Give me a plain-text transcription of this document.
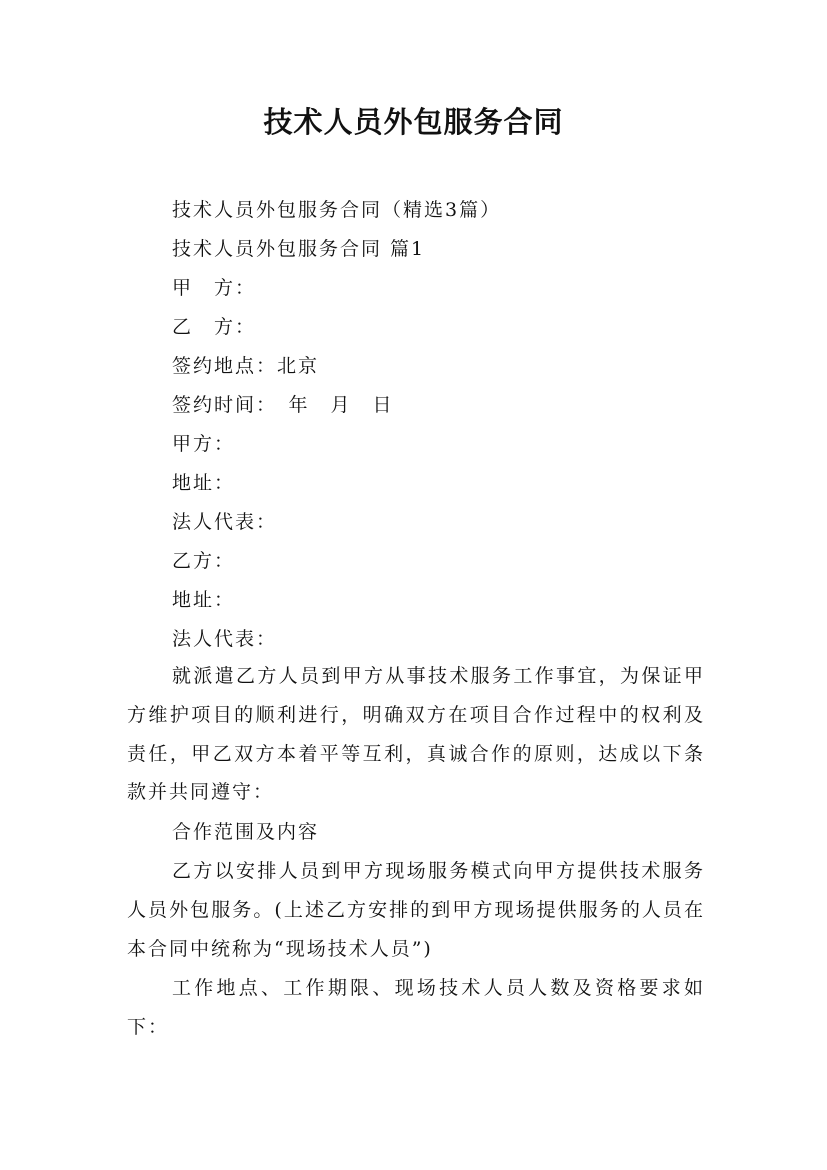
技术人员外包服务合同
技术人员外包服务合同（精选3篇）
技术人员外包服务合同 篇1
甲　方：
乙　方：
签约地点：北京
签约时间：　年　月　日
甲方：
地址：
法人代表：
乙方：
地址：
法人代表：
就派遣乙方人员到甲方从事技术服务工作事宜，为保证甲方维护项目的顺利进行，明确双方在项目合作过程中的权利及责任，甲乙双方本着平等互利，真诚合作的原则，达成以下条款并共同遵守：
合作范围及内容
乙方以安排人员到甲方现场服务模式向甲方提供技术服务人员外包服务。(上述乙方安排的到甲方现场提供服务的人员在本合同中统称为“现场技术人员”)
工作地点、工作期限、现场技术人员人数及资格要求如下：
